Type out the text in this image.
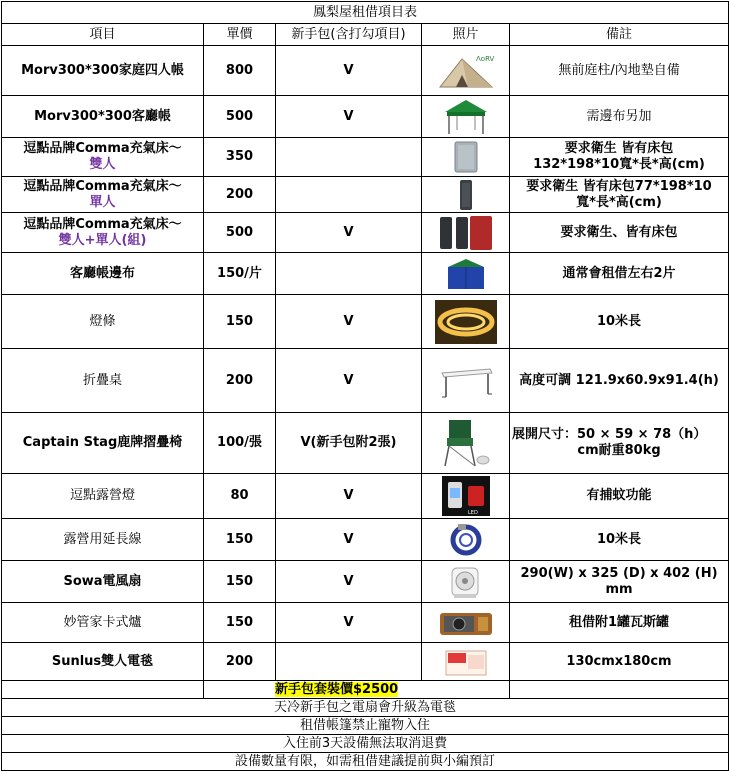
鳳梨屋租借項目表				
項目	單價	新手包(含打勾項目)	照片	備註
Morv300*300家庭四人帳	800	V	ΛoRV	無前庭柱/內地墊自備
Morv300*300客廳帳	500	V		需邊布另加
逗點品牌Comma充氣床～
雙人	350			要求衛生 皆有床包
132*198*10寬*長*高(cm)
逗點品牌Comma充氣床～
單人	200			要求衛生 皆有床包77*198*10
寬*長*高(cm)
逗點品牌Comma充氣床～
雙人+單人(組)	500	V		要求衛生、皆有床包
客廳帳邊布	150/片			通常會租借左右2片
燈條	150	V		10米長
折疊桌	200	V		高度可調 121.9x60.9x91.4(h)
Captain Stag鹿牌摺疊椅	100/張	V(新手包附2張)		展開尺寸：50 × 59 × 78（h）

cm耐重80kg

逗點露營燈	80	V	LED	有捕蚊功能
露營用延長線	150	V		10米長
Sowa電風扇	150	V		290(W) x 325 (D) x 402 (H)
mm
妙管家卡式爐	150	V		租借附1罐瓦斯罐
Sunlus雙人電毯	200			130cmx180cm
	新手包套裝價$2500			
天冷新手包之電扇會升級為電毯				
租借帳篷禁止寵物入住				
入住前3天設備無法取消退費				
設備數量有限，如需租借建議提前與小編預訂				
